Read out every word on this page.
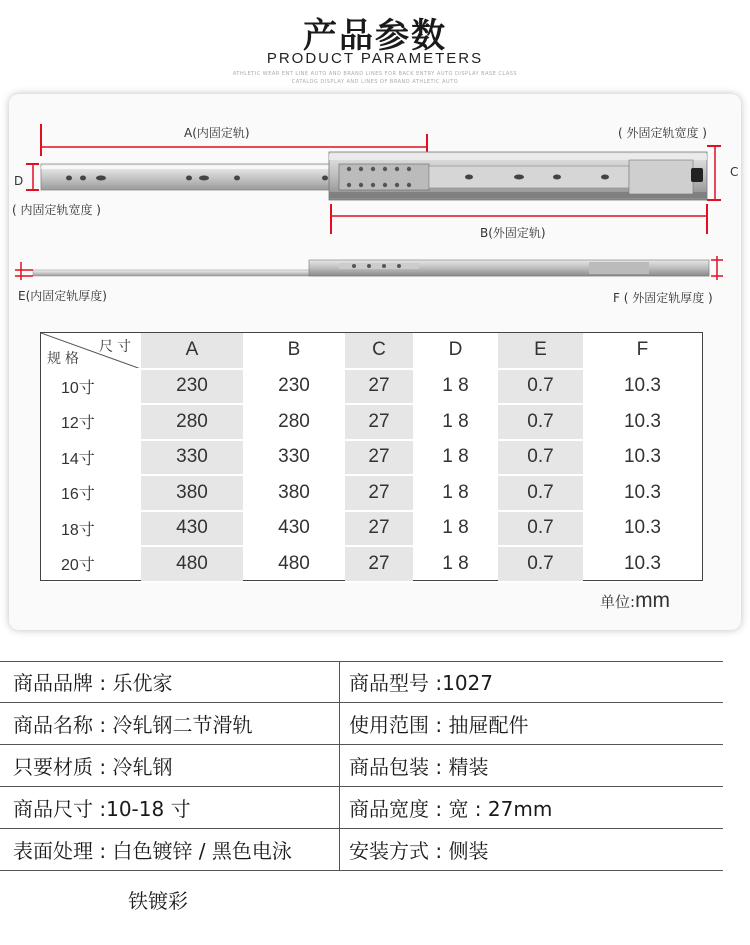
产品参数
PRODUCT PARAMETERS
ATHLETIC WEAR ENT LINE AUTO AND BRAND LINES FOR BACK ENTRY AUTO DISPLAY BASE CLASS
CATALOG DISPLAY AND LINES OF BRAND ATHLETIC AUTO
A(内固定轨)
B(外固定轨)
C
( 外固定轨宽度 )
D
( 内固定轨宽度 )
E(内固定轨厚度)	F ( 外固定轨厚度 )
	A	B	C	D	E	F
10寸	230	230	27	1 8	0.7	10.3
12寸	280	280	27	1 8	0.7	10.3
14寸	330	330	27	1 8	0.7	10.3
16寸	380	380	27	1 8	0.7	10.3
18寸	430	430	27	1 8	0.7	10.3
20寸	480	480	27	1 8	0.7	10.3
尺寸
规格
单位:mm
商品品牌 : 乐优家	商品型号 :1027
商品名称 : 冷轧钢二节滑轨	使用范围 : 抽屉配件
只要材质 : 冷轧钢	商品包装 : 精装
商品尺寸 :10-18 寸	商品宽度 : 宽 : 27mm
表面处理 : 白色镀锌 / 黑色电泳	安装方式 : 侧装
铁镀彩
